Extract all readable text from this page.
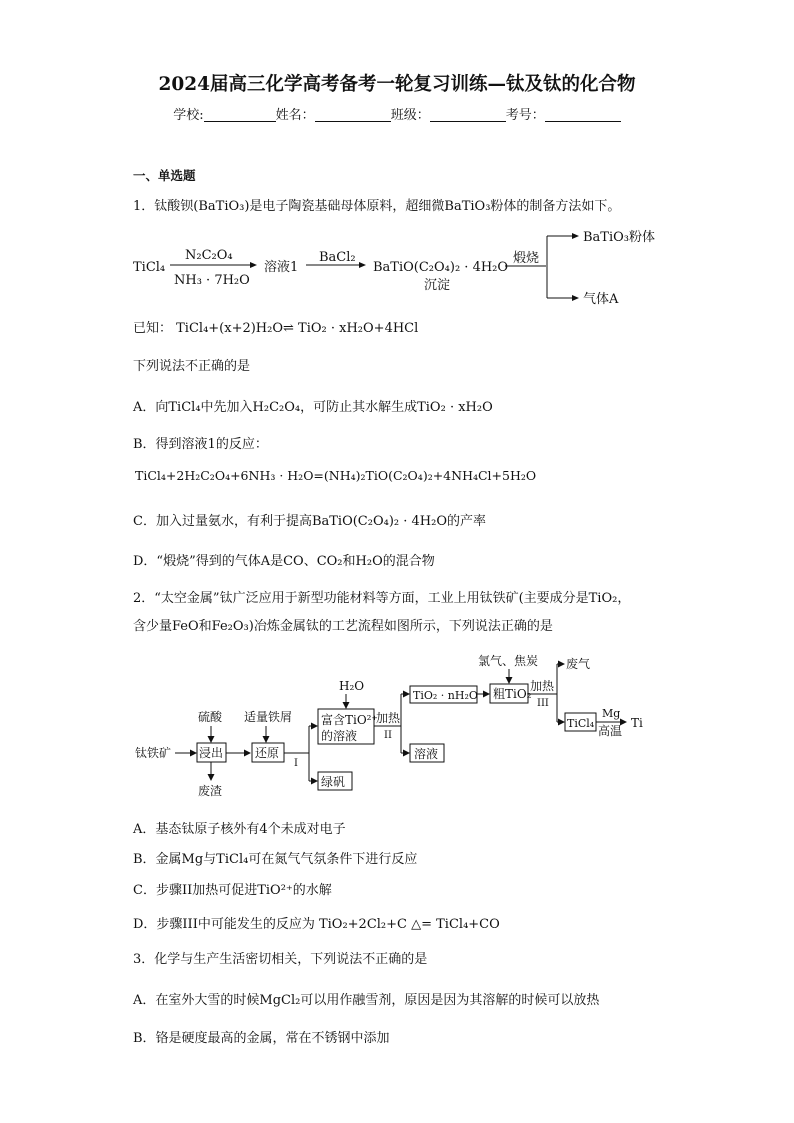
2024届高三化学高考备考一轮复习训练—钛及钛的化合物
学校:	姓名：	班级：	考号：
一、单选题
1．钛酸钡(BaTiO₃)是电子陶瓷基础母体原料，超细微BaTiO₃粉体的制备方法如下。
TiCl₄
N₂C₂O₄
NH₃ · 7H₂O
溶液1
BaCl₂
BaTiO(C₂O₄)₂ · 4H₂O
沉淀
煅烧
BaTiO₃粉体
气体A
已知： TiCl₄+(x+2)H₂O⇌ TiO₂ · xH₂O+4HCl
下列说法不正确的是
A．向TiCl₄中先加入H₂C₂O₄，可防止其水解生成TiO₂ · xH₂O
B．得到溶液1的反应：
TiCl₄+2H₂C₂O₄+6NH₃ · H₂O=(NH₄)₂TiO(C₂O₄)₂+4NH₄Cl+5H₂O
C．加入过量氨水，有利于提高BaTiO(C₂O₄)₂ · 4H₂O的产率
D．“煅烧”得到的气体A是CO、CO₂和H₂O的混合物
2．“太空金属”钛广泛应用于新型功能材料等方面，工业上用钛铁矿(主要成分是TiO₂，
含少量FeO和Fe₂O₃)冶炼金属钛的工艺流程如图所示，下列说法正确的是
钛铁矿
硫酸
浸出
废渣
适量铁屑
还原
I
绿矾
富含TiO²⁺
的溶液
H₂O
加热
II
TiO₂ · nH₂O
溶液
氯气、焦炭
粗TiO₂
加热
III
废气
TiCl₄
Mg
高温
Ti
A．基态钛原子核外有4个未成对电子
B．金属Mg与TiCl₄可在氮气气氛条件下进行反应
C．步骤II加热可促进TiO²⁺的水解
D．步骤III中可能发生的反应为 TiO₂+2Cl₂+C △= TiCl₄+CO
3．化学与生产生活密切相关，下列说法不正确的是
A．在室外大雪的时候MgCl₂可以用作融雪剂，原因是因为其溶解的时候可以放热
B．铬是硬度最高的金属，常在不锈钢中添加
